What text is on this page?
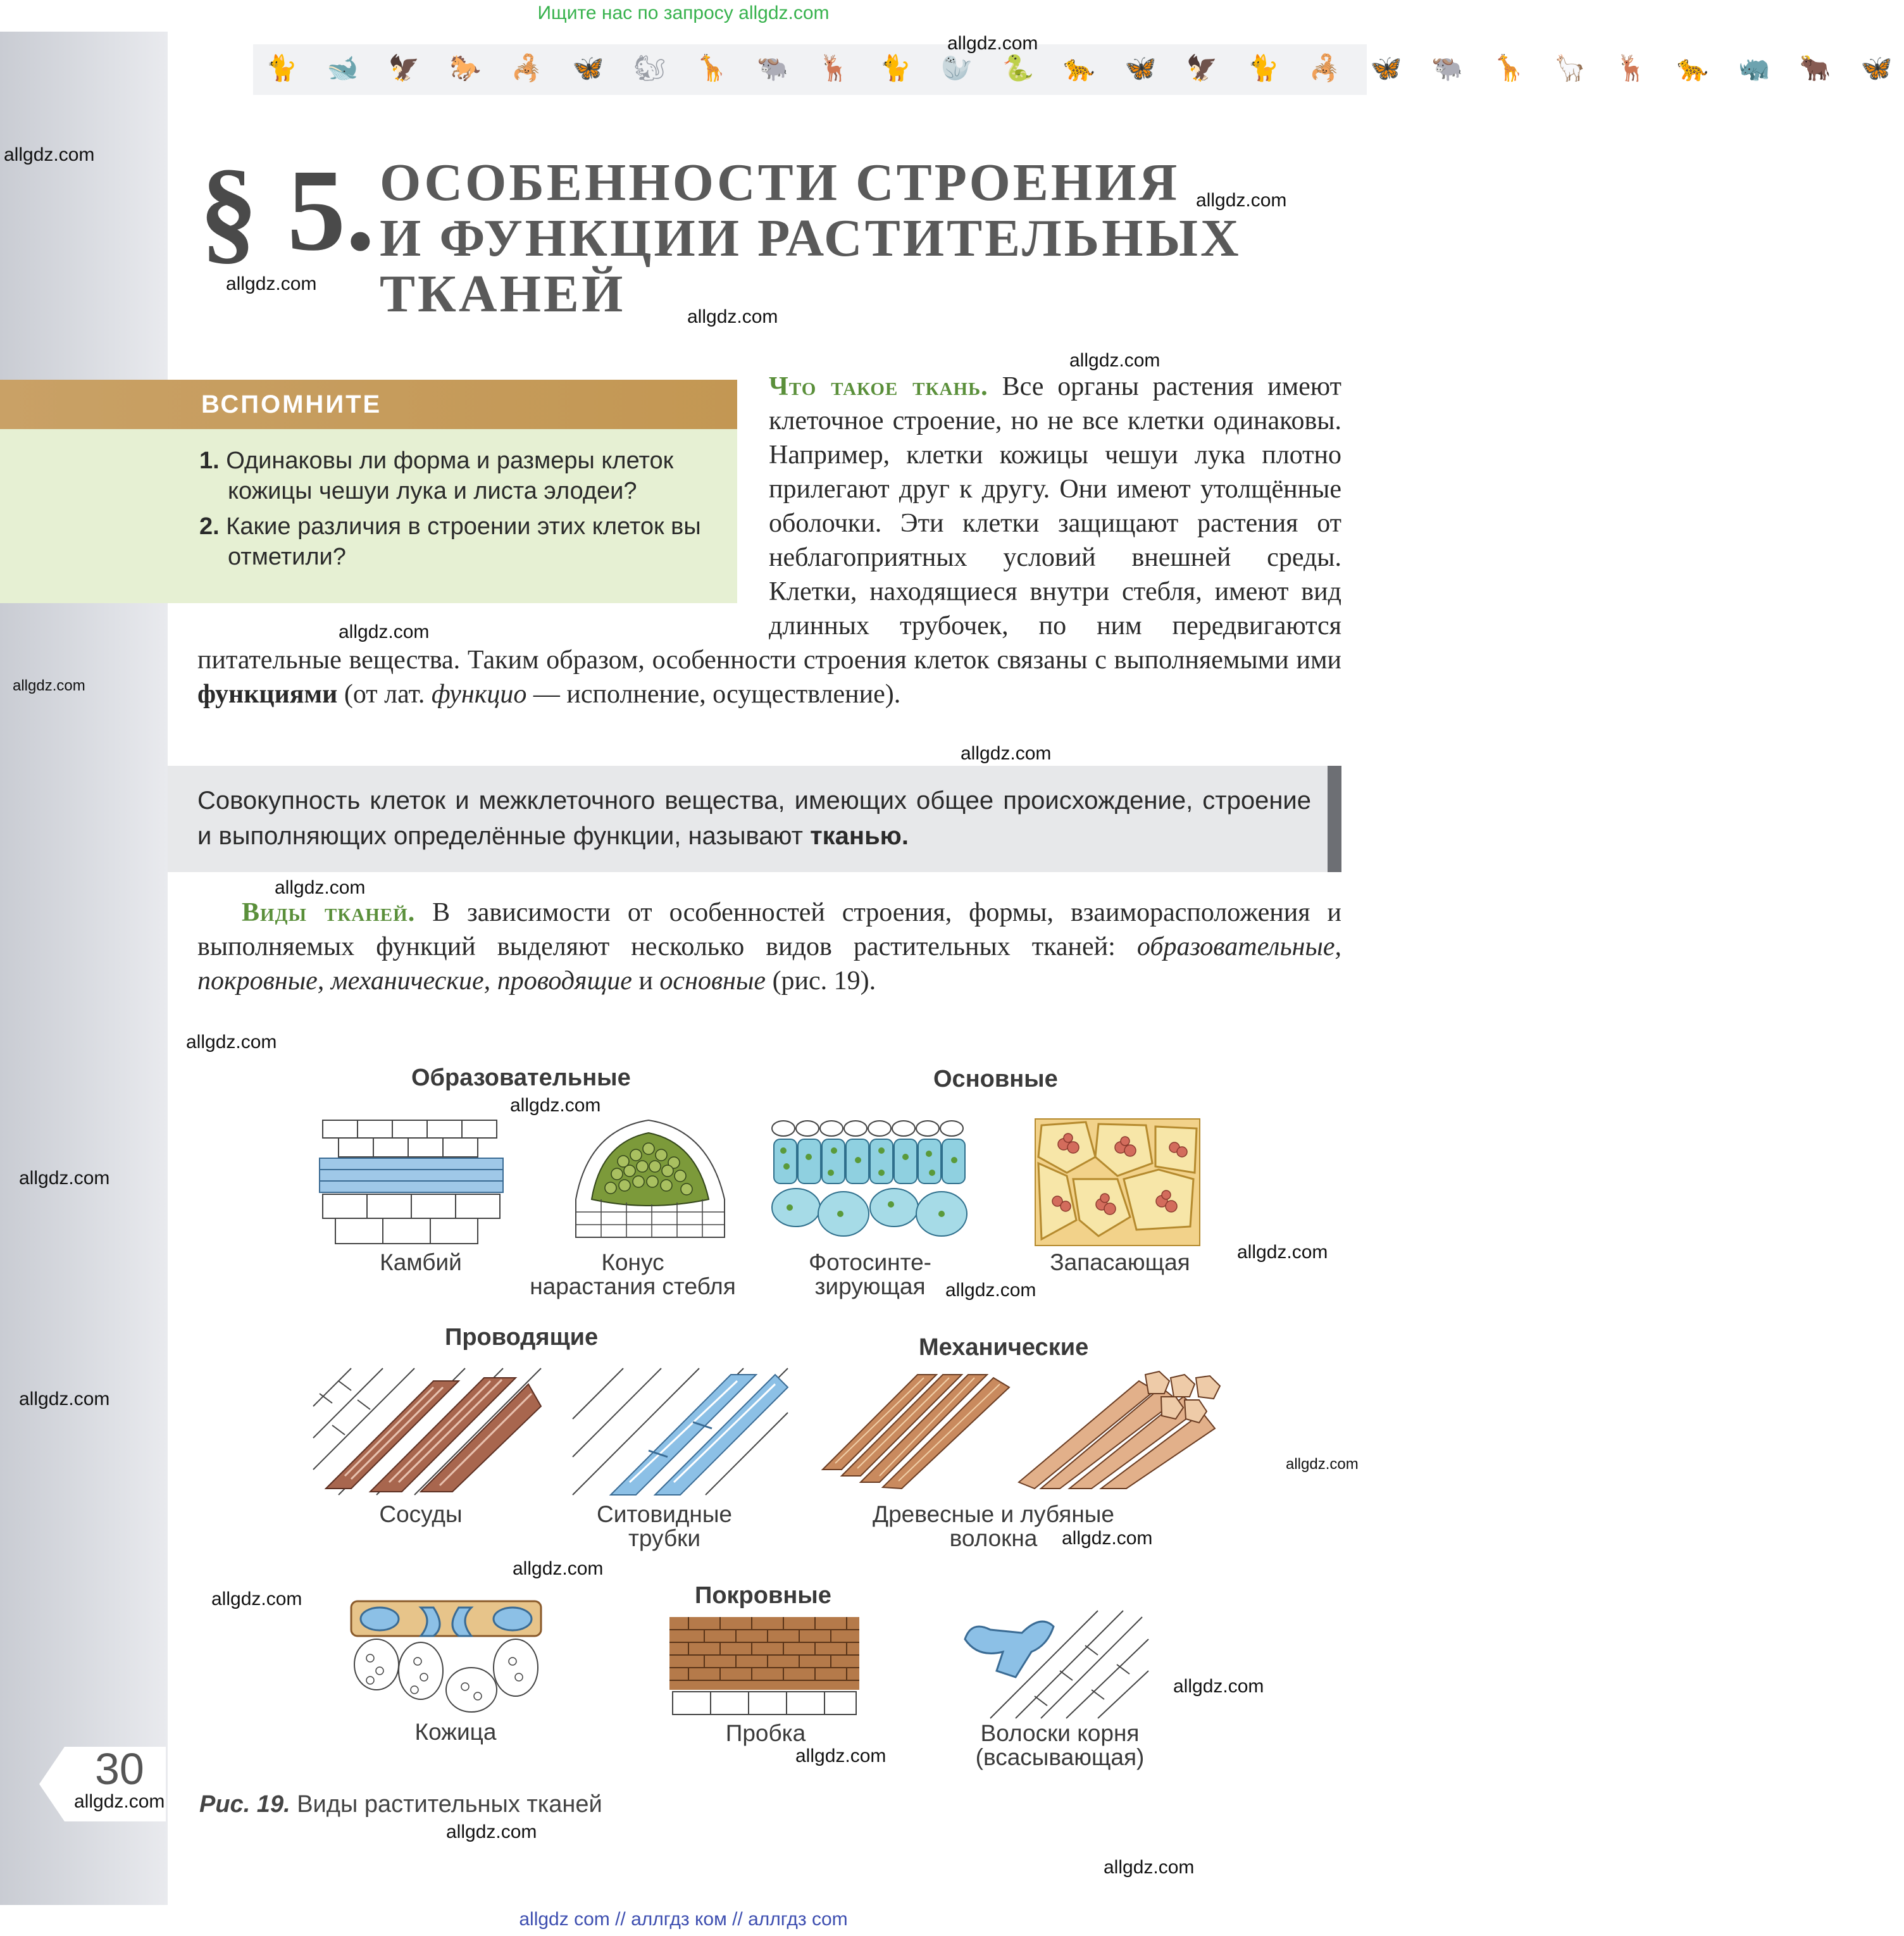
🐈 🐋 🦅 🐎 🦂 🦋 🐿 🦒 🐃 🦌 🐈 🦭 🐍 🐆 🦋 🦅 🐈 🦂 🦋 🐃 🦒 🦙 🦌 🐆 🦏 🐂 🦋
Ищите нас по запросу allgdz.com
allgdz com // аллгдз ком // аллгдз com
allgdz.com
allgdz.com
allgdz.com
allgdz.com
allgdz.com
allgdz.com
allgdz.com
allgdz.com
allgdz.com
allgdz.com
allgdz.com
allgdz.com
allgdz.com
allgdz.com
allgdz.com
allgdz.com
allgdz.com
allgdz.com
allgdz.com
allgdz.com
allgdz.com
allgdz.com
allgdz.com
allgdz.com
allgdz.com
§ 5. ОСОБЕННОСТИ СТРОЕНИЯ
И ФУНКЦИИ РАСТИТЕЛЬНЫХ
ТКАНЕЙ
ВСПОМНИТЕ
1. Одинаковы ли форма и размеры клеток кожицы чешуи лука и листа элодеи?
2. Какие различия в строении этих клеток вы отметили?
Что такое ткань. Все органы растения имеют клеточное строение, но не все клетки одинаковы. Например, клетки кожицы чешуи лука плотно прилегают друг к другу. Они имеют утолщённые оболочки. Эти клетки защищают растения от неблагоприятных условий внешней среды. Клетки, находящиеся внутри стебля, имеют вид длинных трубочек, по ним передвигаются питательные вещества. Таким образом, особенности строения клеток связаны с выполняемыми ими функциями (от лат. функцио — исполнение, осуществление).
Совокупность клеток и межклеточного вещества, имеющих общее происхождение, строение и выполняющих определённые функции, называют тканью.
Виды тканей. В зависимости от особенностей строения, формы, взаиморасположения и выполняемых функций выделяют несколько видов растительных тканей: образовательные, покровные, механические, проводящие и основные (рис. 19).
Образовательные	Основные
Проводящие	Механические
Покровные
Камбий	Конус
нарастания стебля
Фотосинте-
зирующая
Запасающая
Сосуды	Ситовидные
трубки
Древесные и лубяные
волокна
Кожица	Пробка	Волоски корня
(всасывающая)
Рис. 19. Виды растительных тканей
30
